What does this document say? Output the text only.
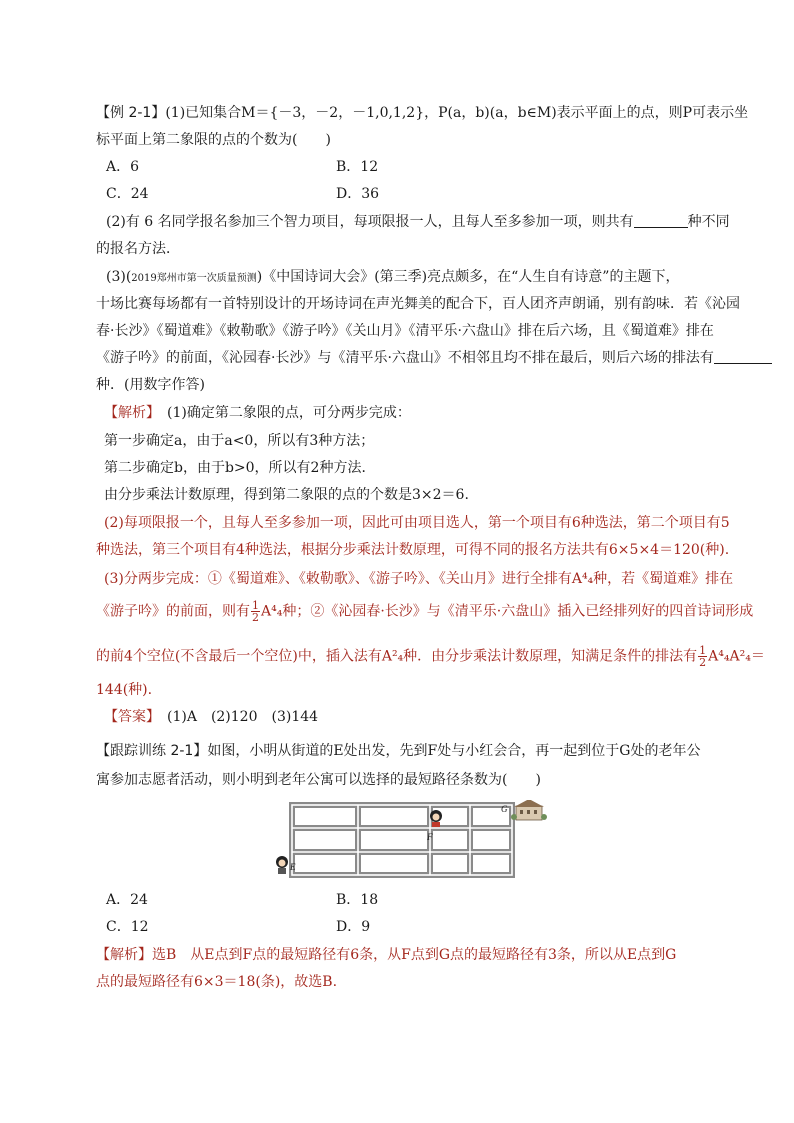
【例 2-1】(1)已知集合M＝{－3，－2，－1,0,1,2}，P(a，b)(a，b∈M)表示平面上的点，则P可表示坐
标平面上第二象限的点的个数为(　　)
A．6	B．12
C．24	D．36
(2)有 6 名同学报名参加三个智力项目，每项限报一人，且每人至多参加一项，则共有	种不同
的报名方法．
(3)(2019郑州市第一次质量预测)《中国诗词大会》(第三季)亮点颇多，在“人生自有诗意”的主题下，
十场比赛每场都有一首特别设计的开场诗词在声光舞美的配合下，百人团齐声朗诵，别有韵味．若《沁园
春·长沙》《蜀道难》《敕勒歌》《游子吟》《关山月》《清平乐·六盘山》排在后六场，且《蜀道难》排在
《游子吟》的前面，《沁园春·长沙》与《清平乐·六盘山》不相邻且均不排在最后，则后六场的排法有
种．(用数字作答)
【解析】　 (1)确定第二象限的点，可分两步完成：
第一步确定a，由于a<0，所以有3种方法；
第二步确定b，由于b>0，所以有2种方法．
由分步乘法计数原理，得到第二象限的点的个数是3×2＝6.
(2)每项限报一个，且每人至多参加一项，因此可由项目选人，第一个项目有6种选法，第二个项目有5
种选法，第三个项目有4种选法，根据分步乘法计数原理，可得不同的报名方法共有6×5×4＝120(种).
(3)分两步完成：①《蜀道难》、《敕勒歌》、《游子吟》、《关山月》进行全排有A⁴₄种，若《蜀道难》排在
《游子吟》的前面，则有 $\frac{1}{2} A^4_4$种；②《沁园春·长沙》与《清平乐·六盘山》插入已经排列好的四首诗词形成
的前4个空位(不含最后一个空位)中，插入法有A²₄种．由分步乘法计数原理，知满足条件的排法有 $\frac{1}{2} A^4_4A^2_4=$
144(种).
【答案】　 (1)A　(2)120　(3)144
【跟踪训练 2-1】如图，小明从街道的E处出发，先到F处与小红会合，再一起到位于G处的老年公
寓参加志愿者活动，则小明到老年公寓可以选择的最短路径条数为(　　)
E
F
G
A．24	B．18
C．12	D．9
【解析】选B　从E点到F点的最短路径有6条，从F点到G点的最短路径有3条，所以从E点到G
点的最短路径有6×3＝18(条)，故选B.
